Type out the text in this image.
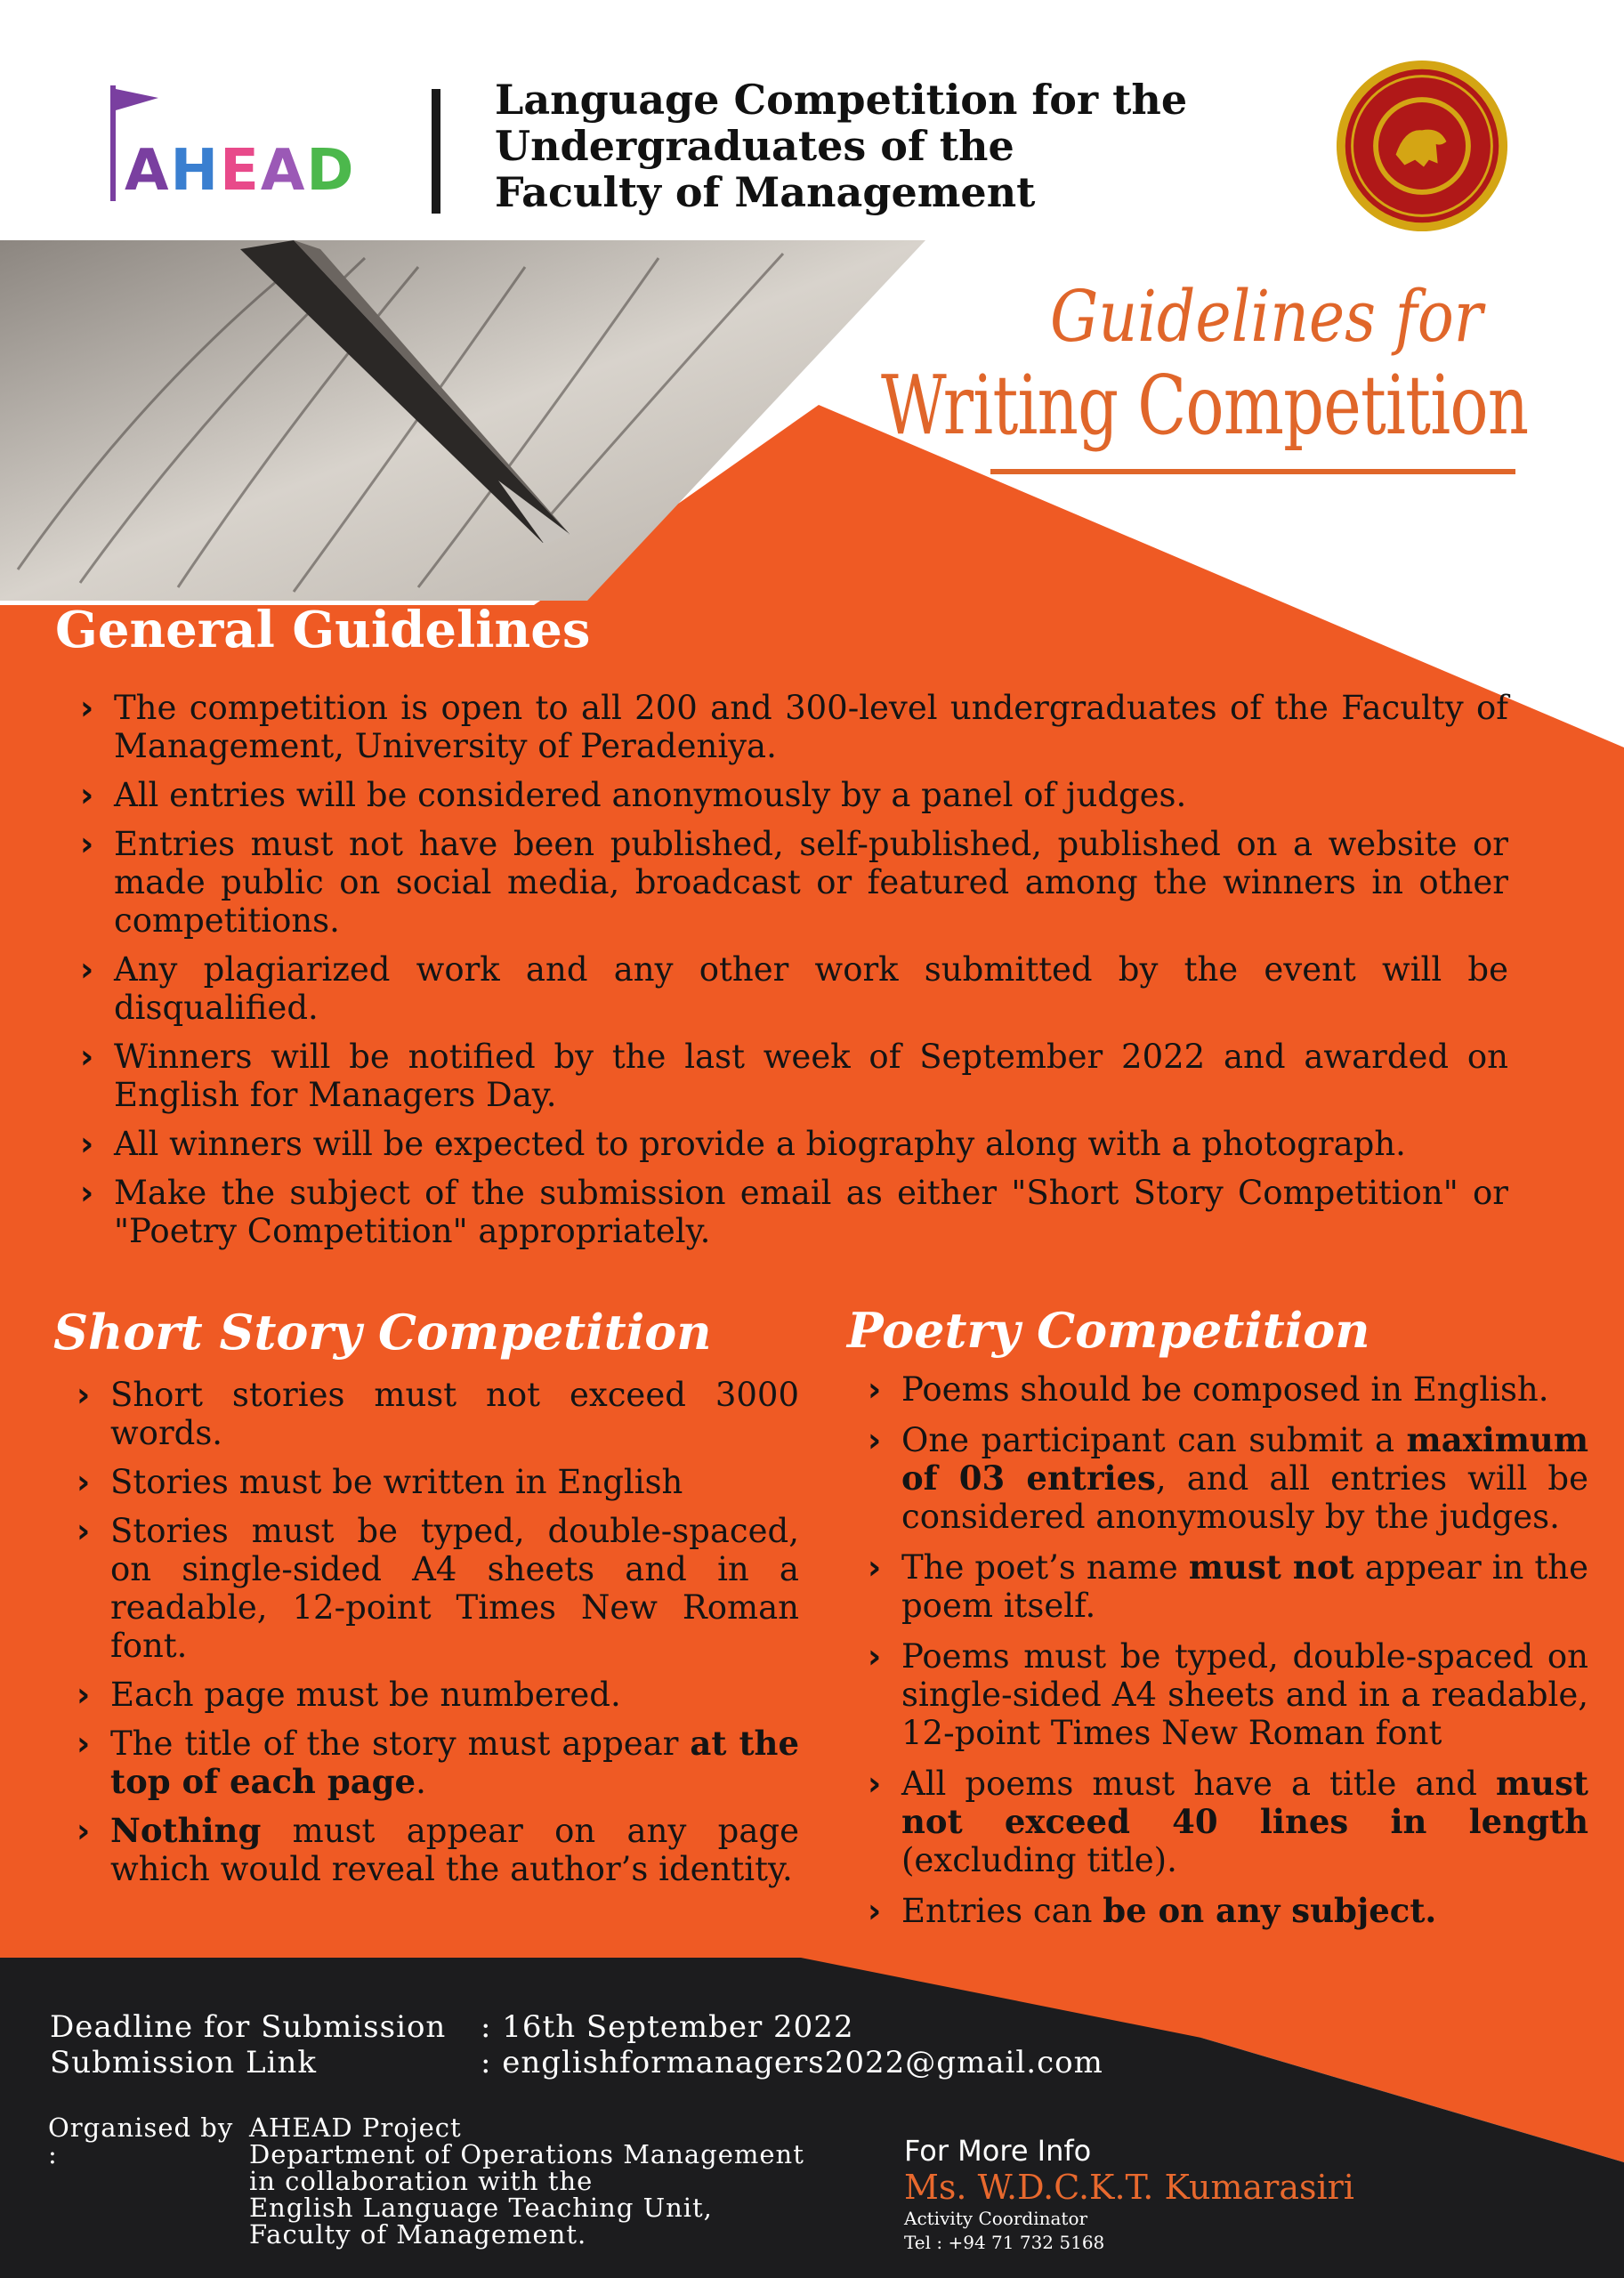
AHEAD
Language Competition for the
Undergraduates of the
Faculty of Management
Guidelines for
Writing Competition
General Guidelines
› The competition is open to all 200 and 300-level undergraduates of the Faculty of Management, University of Peradeniya.
› All entries will be considered anonymously by a panel of judges.
› Entries must not have been published, self-published, published on a website or made public on social media, broadcast or featured among the winners in other competitions.
› Any plagiarized work and any other work submitted by the event will be disqualified.
› Winners will be notified by the last week of September 2022 and awarded on English for Managers Day.
› All winners will be expected to provide a biography along with a photograph.
› Make the subject of the submission email as either "Short Story Competition" or "Poetry Competition" appropriately.
Short Story Competition
› Short stories must not exceed 3000 words.
› Stories must be written in English
› Stories must be typed, double-spaced, on single-sided A4 sheets and in a readable, 12-point Times New Roman font.
› Each page must be numbered.
› The title of the story must appear at the top of each page.
› Nothing must appear on any page which would reveal the author’s identity.
Poetry Competition
› Poems should be composed in English.
› One participant can submit a maximum of 03 entries, and all entries will be considered anonymously by the judges.
› The poet’s name must not appear in the poem itself.
› Poems must be typed, double-spaced on single-sided A4 sheets and in a readable, 12-point Times New Roman font
› All poems must have a title and must not exceed 40 lines in length (excluding title).
› Entries can be on any subject.
Deadline for Submission	: 16th September 2022
Submission Link	: englishformanagers2022@gmail.com
Organised by :
AHEAD Project
Department of Operations Management
in collaboration with the
English Language Teaching Unit,
Faculty of Management.
For More Info
Ms. W.D.C.K.T. Kumarasiri
Activity Coordinator
Tel : +94 71 732 5168
